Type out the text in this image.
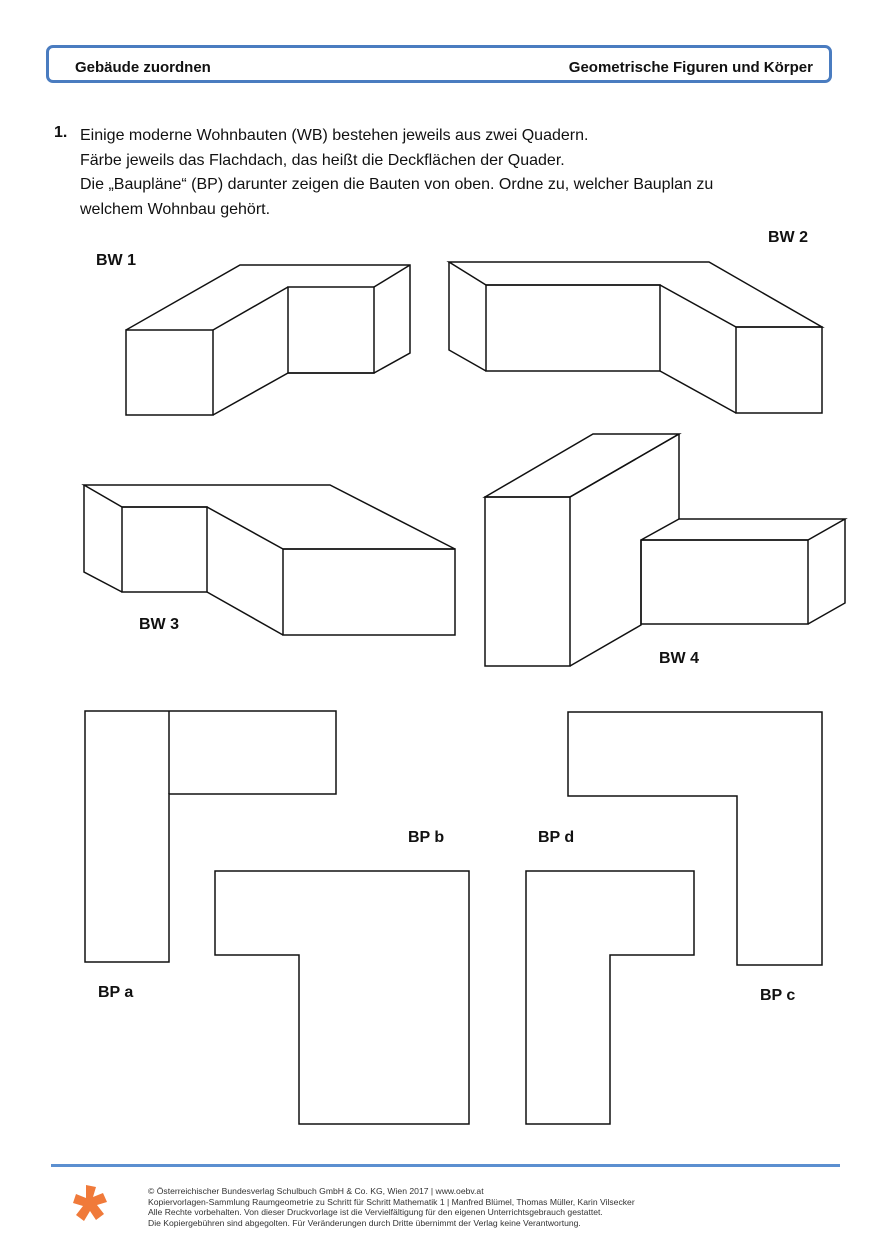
Gebäude zuordnen	Geometrische Figuren und Körper
1. Einige moderne Wohnbauten (WB) bestehen jeweils aus zwei Quadern.
Färbe jeweils das Flachdach, das heißt die Deckflächen der Quader.
Die „Baupläne“ (BP) darunter zeigen die Bauten von oben. Ordne zu, welcher Bauplan zu
welchem Wohnbau gehört.
BW 1
BW 2
BW 3
BW 4
BP a
BP b
BP c
BP d
© Österreichischer Bundesverlag Schulbuch GmbH & Co. KG, Wien 2017 | www.oebv.at
Kopiervorlagen-Sammlung Raumgeometrie zu Schritt für Schritt Mathematik 1 | Manfred Blümel, Thomas Müller, Karin Vilsecker
Alle Rechte vorbehalten. Von dieser Druckvorlage ist die Vervielfältigung für den eigenen Unterrichtsgebrauch gestattet.
Die Kopiergebühren sind abgegolten. Für Veränderungen durch Dritte übernimmt der Verlag keine Verantwortung.
